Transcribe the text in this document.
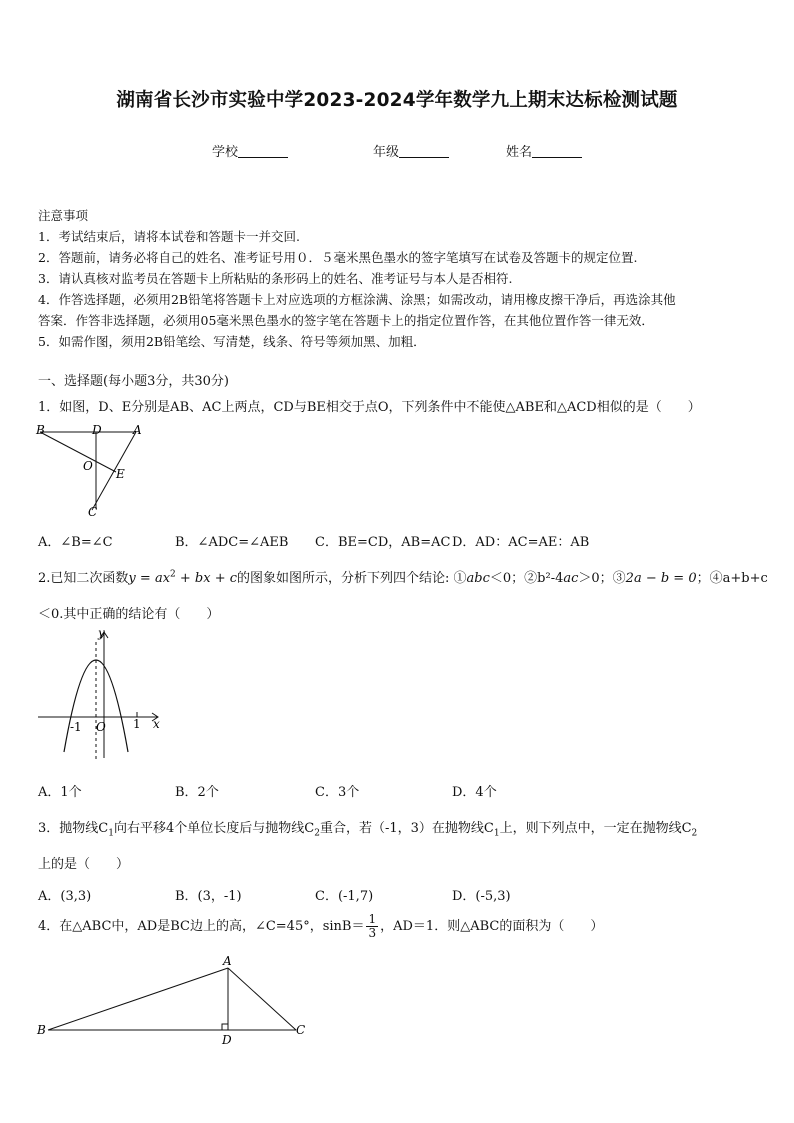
湖南省长沙市实验中学2023-2024学年数学九上期末达标检测试题
学校	年级	姓名
注意事项
1．考试结束后，请将本试卷和答题卡一并交回.
2．答题前，请务必将自己的姓名、准考证号用０．５毫米黑色墨水的签字笔填写在试卷及答题卡的规定位置.
3．请认真核对监考员在答题卡上所粘贴的条形码上的姓名、准考证号与本人是否相符.
4．作答选择题，必须用2B铅笔将答题卡上对应选项的方框涂满、涂黑；如需改动，请用橡皮擦干净后，再选涂其他
答案．作答非选择题，必须用05毫米黑色墨水的签字笔在答题卡上的指定位置作答，在其他位置作答一律无效．
5．如需作图，须用2B铅笔绘、写清楚，线条、符号等须加黑、加粗．
一、选择题(每小题3分，共30分)
1．如图，D、E分别是AB、AC上两点，CD与BE相交于点O，下列条件中不能使△ABE和△ACD相似的是（　　）
B	D	A
O
E
C
A．∠B=∠C	B．∠ADC=∠AEB C．BE=CD，AB=AC D．AD：AC=AE：AB
2.已知二次函数$y = ax^2$ + bx + c的图象如图所示，分析下列四个结论: ①abc＜0；②b²-4ac＞0；③2a − b = 0；④a+b+c
＜0.其中正确的结论有（　　）
y
x
-1 O 1
A．1个	B．2个	C．3个	D．4个
3．抛物线$C_1$向右平移4个单位长度后与抛物线$C_2$重合，若（-1，3）在抛物线$C_1$上，则下列点中，一定在抛物线$C_2$
上的是（　　）
A．(3,3)	B．(3，-1)	C．(-1,7)	D．(-5,3)
4．在△ABC中，AD是BC边上的高，∠C=45°，$\sin B= \frac{1}{3}$ ，AD＝1．则△ABC的面积为（　　）
A
B
D
C
